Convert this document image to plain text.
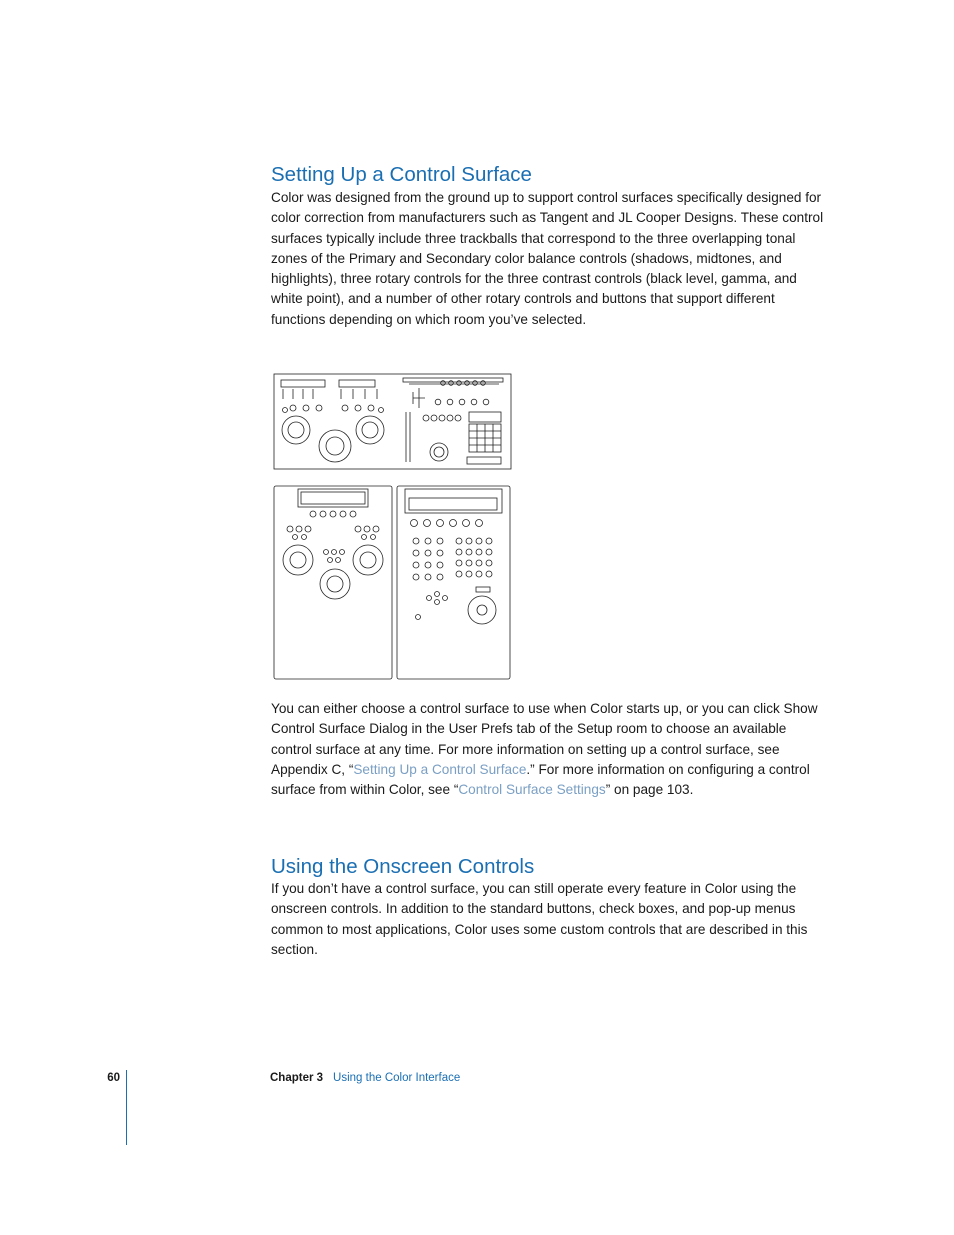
Setting Up a Control Surface

Color was designed from the ground up to support control surfaces specifically designed for color correction from manufacturers such as Tangent and JL Cooper Designs. These control surfaces typically include three trackballs that correspond to the three overlapping tonal zones of the Primary and Secondary color balance controls (shadows, midtones, and highlights), three rotary controls for the three contrast controls (black level, gamma, and white point), and a number of other rotary controls and buttons that support different functions depending on which room you’ve selected.

You can either choose a control surface to use when Color starts up, or you can click Show Control Surface Dialog in the User Prefs tab of the Setup room to choose an available control surface at any time. For more information on setting up a control surface, see Appendix C, “Setting Up a Control Surface.” For more information on configuring a control surface from within Color, see “Control Surface Settings” on page 103.

Using the Onscreen Controls

If you don’t have a control surface, you can still operate every feature in Color using the onscreen controls. In addition to the standard buttons, check boxes, and pop-up menus common to most applications, Color uses some custom controls that are described in this section.

60	Chapter 3 Using the Color Interface
